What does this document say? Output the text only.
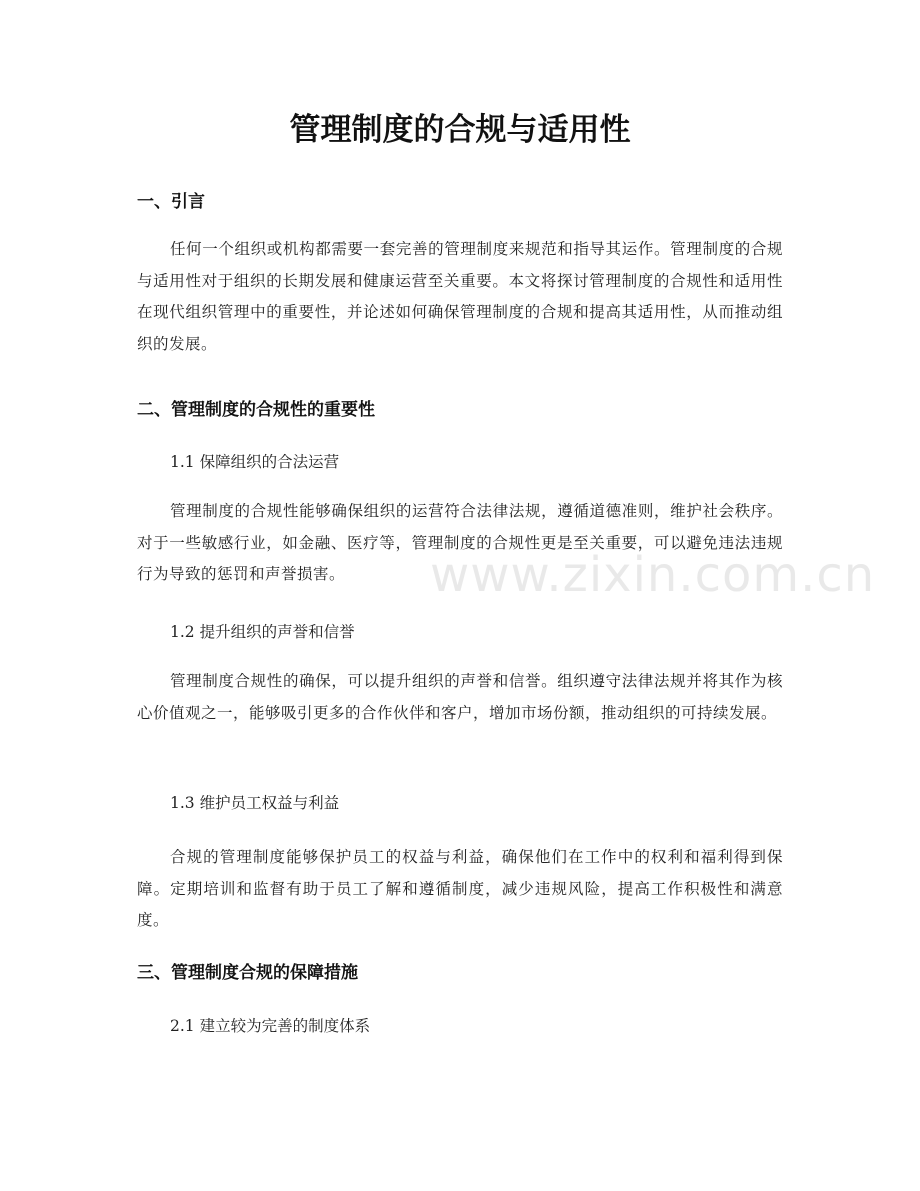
管理制度的合规与适用性
一、引言
任何一个组织或机构都需要一套完善的管理制度来规范和指导其运作。管理制度的合规与适用性对于组织的长期发展和健康运营至关重要。本文将探讨管理制度的合规性和适用性在现代组织管理中的重要性，并论述如何确保管理制度的合规和提高其适用性，从而推动组织的发展。
二、管理制度的合规性的重要性
1.1 保障组织的合法运营
管理制度的合规性能够确保组织的运营符合法律法规，遵循道德准则，维护社会秩序。对于一些敏感行业，如金融、医疗等，管理制度的合规性更是至关重要，可以避免违法违规行为导致的惩罚和声誉损害。
1.2 提升组织的声誉和信誉
管理制度合规性的确保，可以提升组织的声誉和信誉。组织遵守法律法规并将其作为核心价值观之一，能够吸引更多的合作伙伴和客户，增加市场份额，推动组织的可持续发展。
1.3 维护员工权益与利益
合规的管理制度能够保护员工的权益与利益，确保他们在工作中的权利和福利得到保障。定期培训和监督有助于员工了解和遵循制度，减少违规风险，提高工作积极性和满意度。
三、管理制度合规的保障措施
2.1 建立较为完善的制度体系
www.zixin.com.cn
